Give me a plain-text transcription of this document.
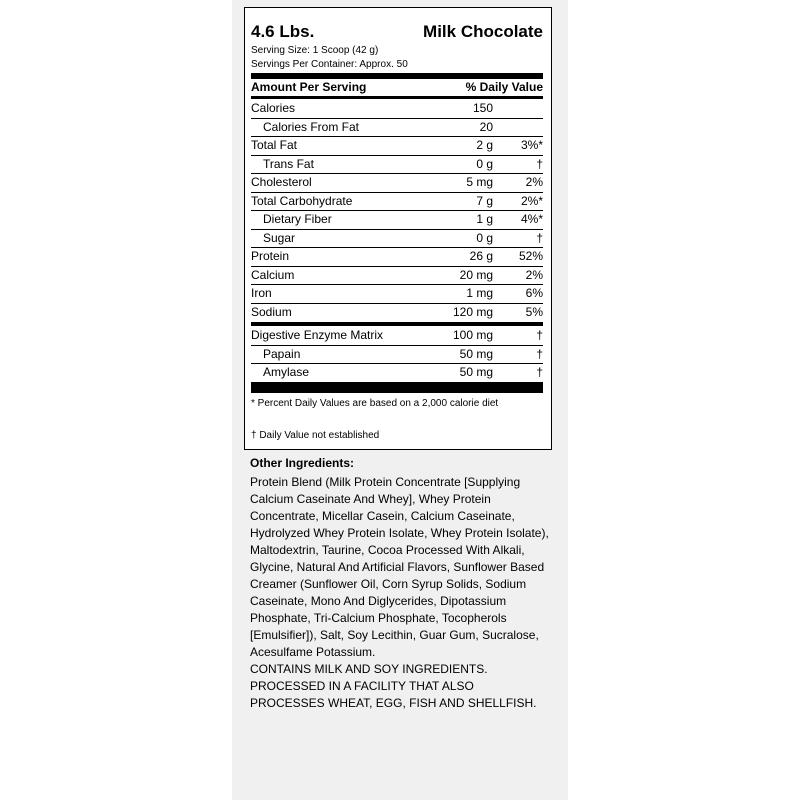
4.6 Lbs.	Milk Chocolate
Serving Size: 1 Scoop (42 g)
Servings Per Container: Approx. 50
Amount Per Serving	% Daily Value
Calories	150
Calories From Fat	20
Total Fat	2 g 3%*
Trans Fat	0 g	†
Cholesterol	5 mg	2%
Total Carbohydrate	7 g 2%*
Dietary Fiber	1 g 4%*
Sugar	0 g	†
Protein	26 g 52%
Calcium	20 mg	2%
Iron	1 mg	6%
Sodium	120 mg	5%
Digestive Enzyme Matrix	100 mg	†
Papain	50 mg	†
Amylase	50 mg	†
* Percent Daily Values are based on a 2,000 calorie diet
† Daily Value not established
Other Ingredients:

Protein Blend (Milk Protein Concentrate [Supplying Calcium Caseinate And Whey], Whey Protein Concentrate, Micellar Casein, Calcium Caseinate, Hydrolyzed Whey Protein Isolate, Whey Protein Isolate), Maltodextrin, Taurine, Cocoa Processed With Alkali, Glycine, Natural And Artificial Flavors, Sunflower Based Creamer (Sunflower Oil, Corn Syrup Solids, Sodium Caseinate, Mono And Diglycerides, Dipotassium Phosphate, Tri-Calcium Phosphate, Tocopherols [Emulsifier]), Salt, Soy Lecithin, Guar Gum, Sucralose, Acesulfame Potassium.

CONTAINS MILK AND SOY INGREDIENTS. PROCESSED IN A FACILITY THAT ALSO PROCESSES WHEAT, EGG, FISH AND SHELLFISH.
